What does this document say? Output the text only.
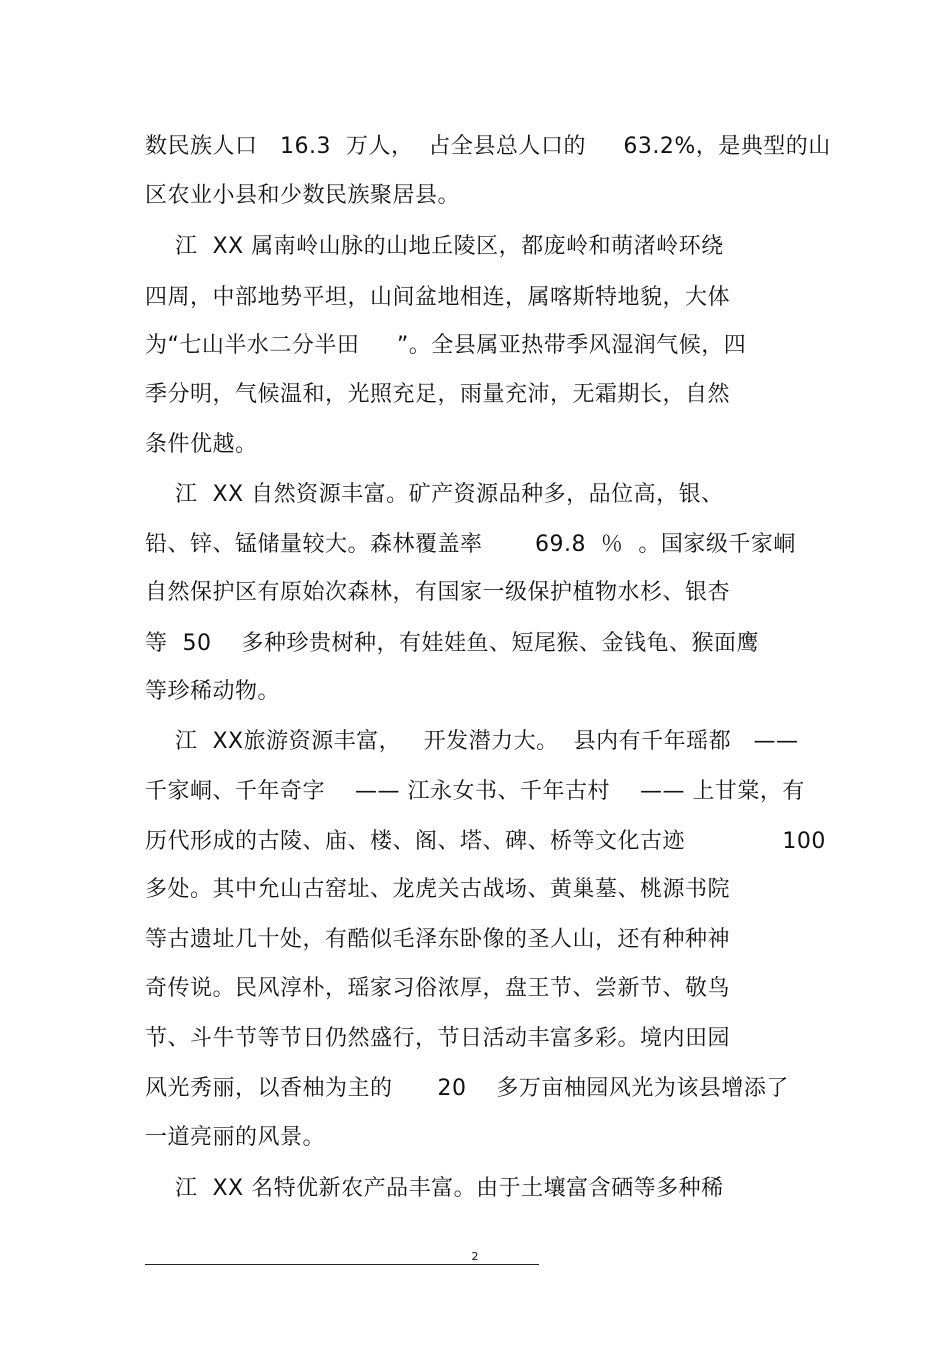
数民族人口   16.3  万人，  占全县总人口的     63.2%，是典型的山
区农业小县和少数民族聚居县。
江  XX 属南岭山脉的山地丘陵区，都庞岭和萌渚岭环绕
四周，中部地势平坦，山间盆地相连，属喀斯特地貌，大体
为“七山半水二分半田     ”。全县属亚热带季风湿润气候，四
季分明，气候温和，光照充足，雨量充沛，无霜期长，自然
条件优越。
江  XX 自然资源丰富。矿产资源品种多，品位高，银、
铅、锌、锰储量较大。森林覆盖率       69.8  ％  。国家级千家峒
自然保护区有原始次森林，有国家一级保护植物水杉、银杏
等  50    多种珍贵树种，有娃娃鱼、短尾猴、金钱龟、猴面鹰
等珍稀动物。
江  XX旅游资源丰富，   开发潜力大。  县内有千年瑶都   ——
千家峒、千年奇字    —— 江永女书、千年古村    —— 上甘棠，有
历代形成的古陵、庙、楼、阁、塔、碑、桥等文化古迹             100
多处。其中允山古窑址、龙虎关古战场、黄巢墓、桃源书院
等古遗址几十处，有酷似毛泽东卧像的圣人山，还有种种神
奇传说。民风淳朴，瑶家习俗浓厚，盘王节、尝新节、敬鸟
节、斗牛节等节日仍然盛行，节日活动丰富多彩。境内田园
风光秀丽，以香柚为主的      20    多万亩柚园风光为该县增添了
一道亮丽的风景。
江  XX 名特优新农产品丰富。由于土壤富含硒等多种稀
2
